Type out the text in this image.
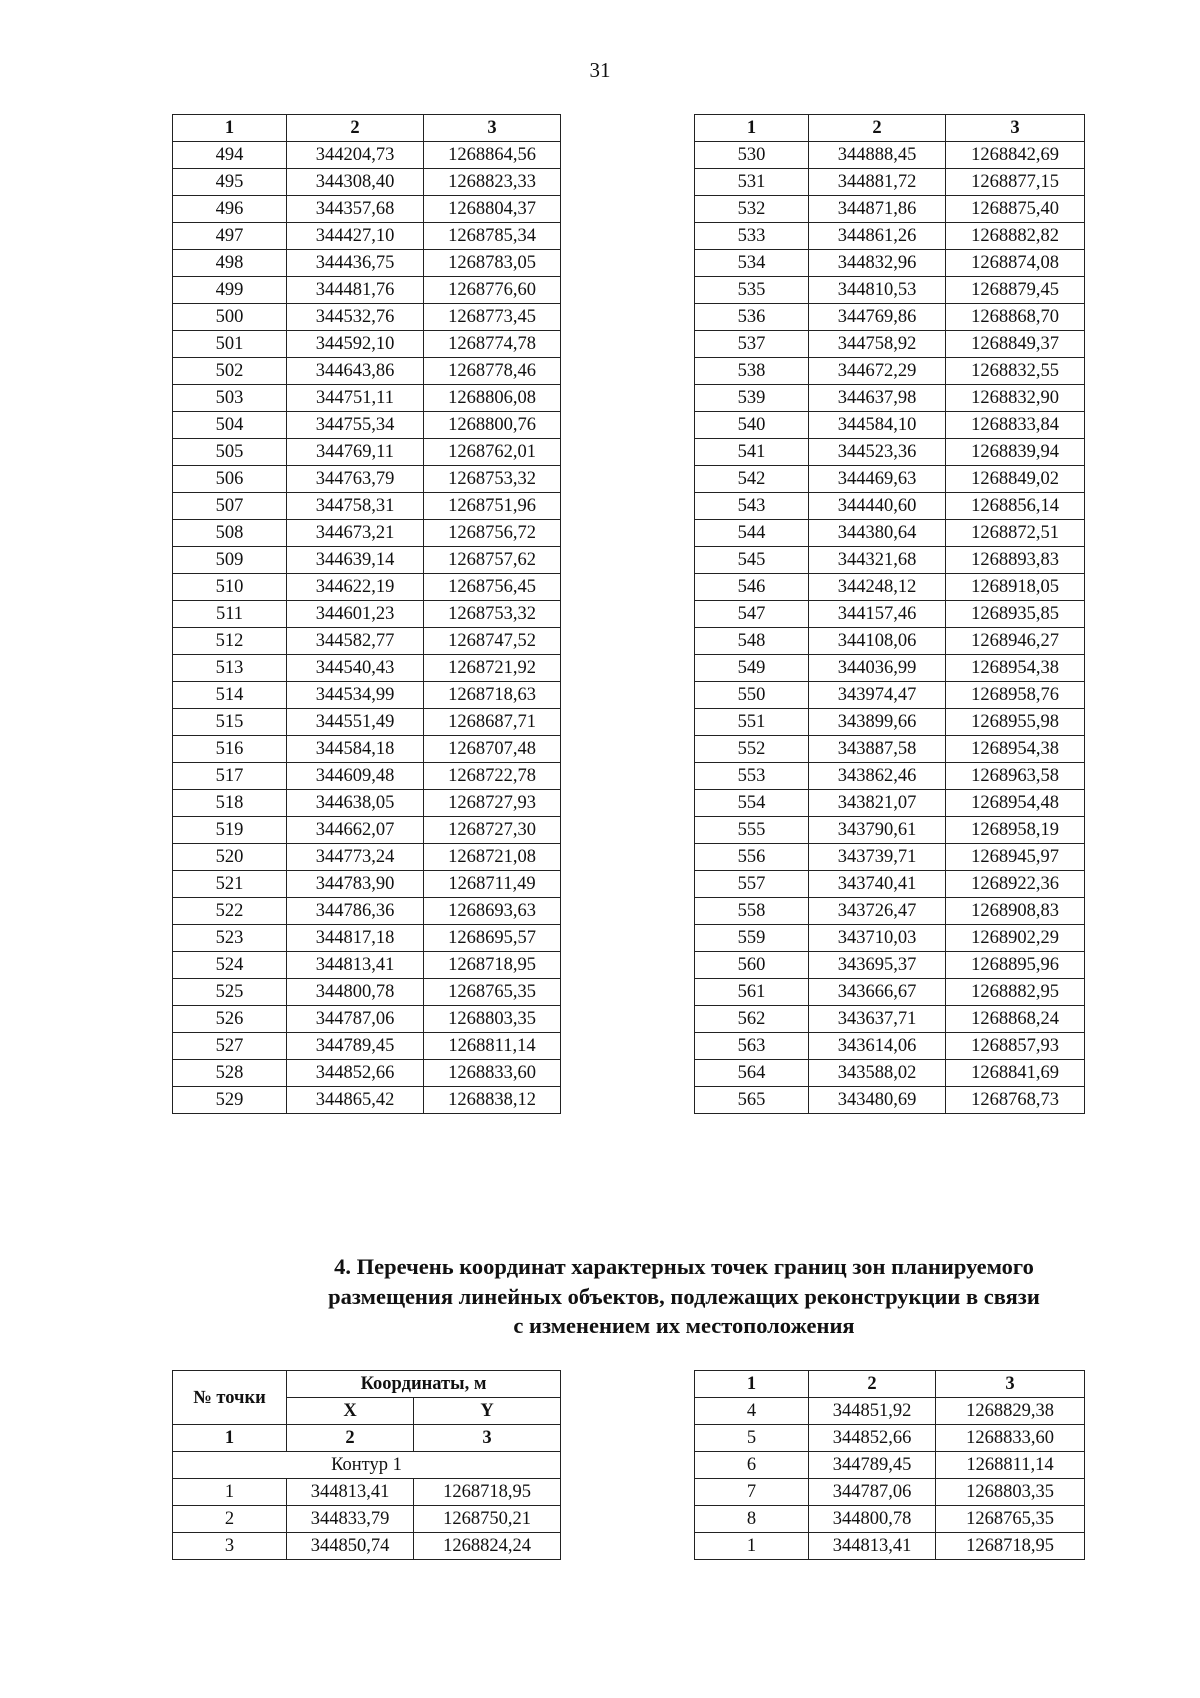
31
1	2	3
494	344204,73	1268864,56
495	344308,40	1268823,33
496	344357,68	1268804,37
497	344427,10	1268785,34
498	344436,75	1268783,05
499	344481,76	1268776,60
500	344532,76	1268773,45
501	344592,10	1268774,78
502	344643,86	1268778,46
503	344751,11	1268806,08
504	344755,34	1268800,76
505	344769,11	1268762,01
506	344763,79	1268753,32
507	344758,31	1268751,96
508	344673,21	1268756,72
509	344639,14	1268757,62
510	344622,19	1268756,45
511	344601,23	1268753,32
512	344582,77	1268747,52
513	344540,43	1268721,92
514	344534,99	1268718,63
515	344551,49	1268687,71
516	344584,18	1268707,48
517	344609,48	1268722,78
518	344638,05	1268727,93
519	344662,07	1268727,30
520	344773,24	1268721,08
521	344783,90	1268711,49
522	344786,36	1268693,63
523	344817,18	1268695,57
524	344813,41	1268718,95
525	344800,78	1268765,35
526	344787,06	1268803,35
527	344789,45	1268811,14
528	344852,66	1268833,60
529	344865,42	1268838,12
1	2	3
530	344888,45	1268842,69
531	344881,72	1268877,15
532	344871,86	1268875,40
533	344861,26	1268882,82
534	344832,96	1268874,08
535	344810,53	1268879,45
536	344769,86	1268868,70
537	344758,92	1268849,37
538	344672,29	1268832,55
539	344637,98	1268832,90
540	344584,10	1268833,84
541	344523,36	1268839,94
542	344469,63	1268849,02
543	344440,60	1268856,14
544	344380,64	1268872,51
545	344321,68	1268893,83
546	344248,12	1268918,05
547	344157,46	1268935,85
548	344108,06	1268946,27
549	344036,99	1268954,38
550	343974,47	1268958,76
551	343899,66	1268955,98
552	343887,58	1268954,38
553	343862,46	1268963,58
554	343821,07	1268954,48
555	343790,61	1268958,19
556	343739,71	1268945,97
557	343740,41	1268922,36
558	343726,47	1268908,83
559	343710,03	1268902,29
560	343695,37	1268895,96
561	343666,67	1268882,95
562	343637,71	1268868,24
563	343614,06	1268857,93
564	343588,02	1268841,69
565	343480,69	1268768,73
4. Перечень координат характерных точек границ зон планируемого
размещения линейных объектов, подлежащих реконструкции в связи
с изменением их местоположения
№ точки	Координаты, м	
	X	Y
1	2	3
Контур 1		
1	344813,41	1268718,95
2	344833,79	1268750,21
3	344850,74	1268824,24
1	2	3
4	344851,92	1268829,38
5	344852,66	1268833,60
6	344789,45	1268811,14
7	344787,06	1268803,35
8	344800,78	1268765,35
1	344813,41	1268718,95
